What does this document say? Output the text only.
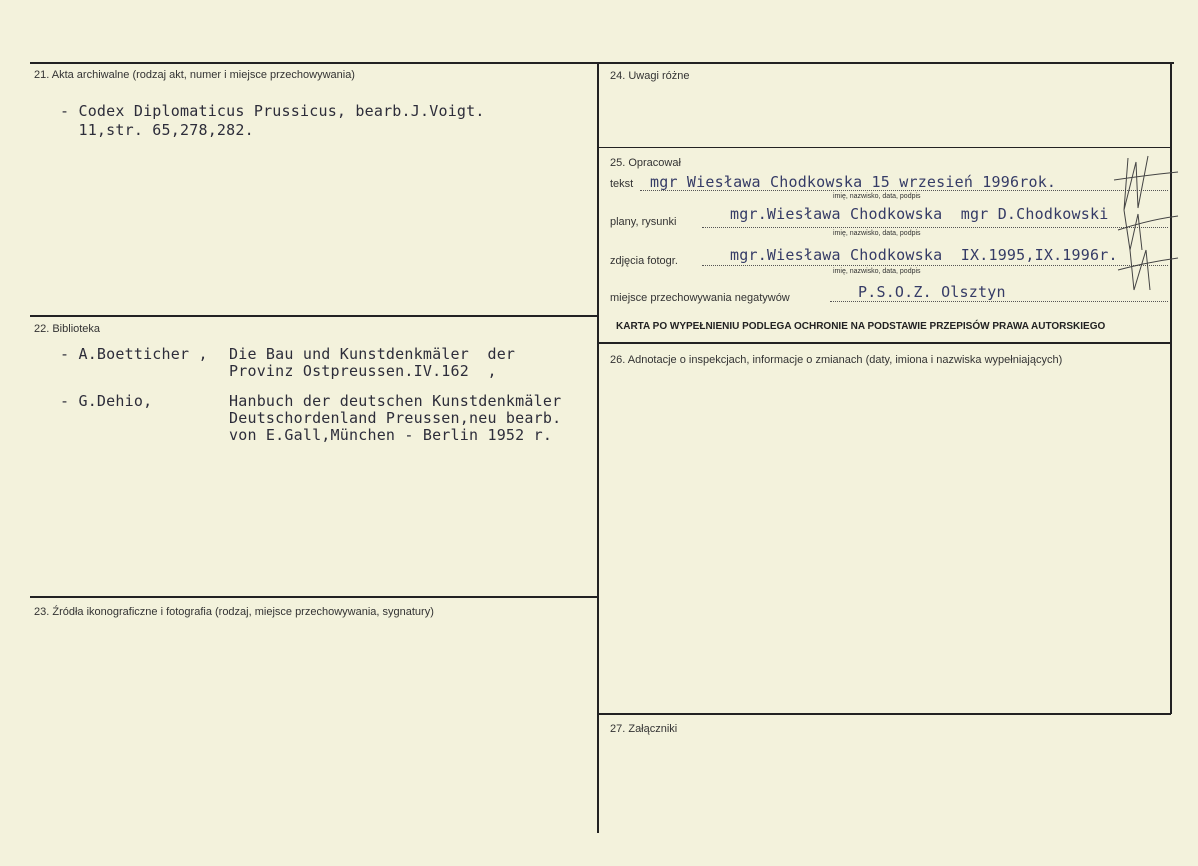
21. Akta archiwalne (rodzaj akt, numer i miejsce przechowywania)
- Codex Diplomaticus Prussicus, bearb.J.Voigt.
11,str. 65,278,282.
22. Biblioteka
- A.Boetticher , Die Bau und Kunstdenkmäler  der
Provinz Ostpreussen.IV.162  ,
- G.Dehio,	Hanbuch der deutschen Kunstdenkmäler
Deutschordenland Preussen,neu bearb.
von E.Gall,München - Berlin 1952 r.
23. Źródła ikonograficzne i fotografia (rodzaj, miejsce przechowywania, sygnatury)
24. Uwagi różne
25. Opracował
tekst mgr Wiesława Chodkowska 15 wrzesień 1996rok.
imię, nazwisko, data, podpis
plany, rysunki	mgr.Wiesława Chodkowska  mgr D.Chodkowski
imię, nazwisko, data, podpis
zdjęcia fotogr.	mgr.Wiesława Chodkowska  IX.1995,IX.1996r.
imię, nazwisko, data, podpis
miejsce przechowywania negatywów	P.S.O.Z. Olsztyn
KARTA PO WYPEŁNIENIU PODLEGA OCHRONIE NA PODSTAWIE PRZEPISÓW PRAWA AUTORSKIEGO
26. Adnotacje o inspekcjach, informacje o zmianach (daty, imiona i nazwiska wypełniających)
27. Załączniki
